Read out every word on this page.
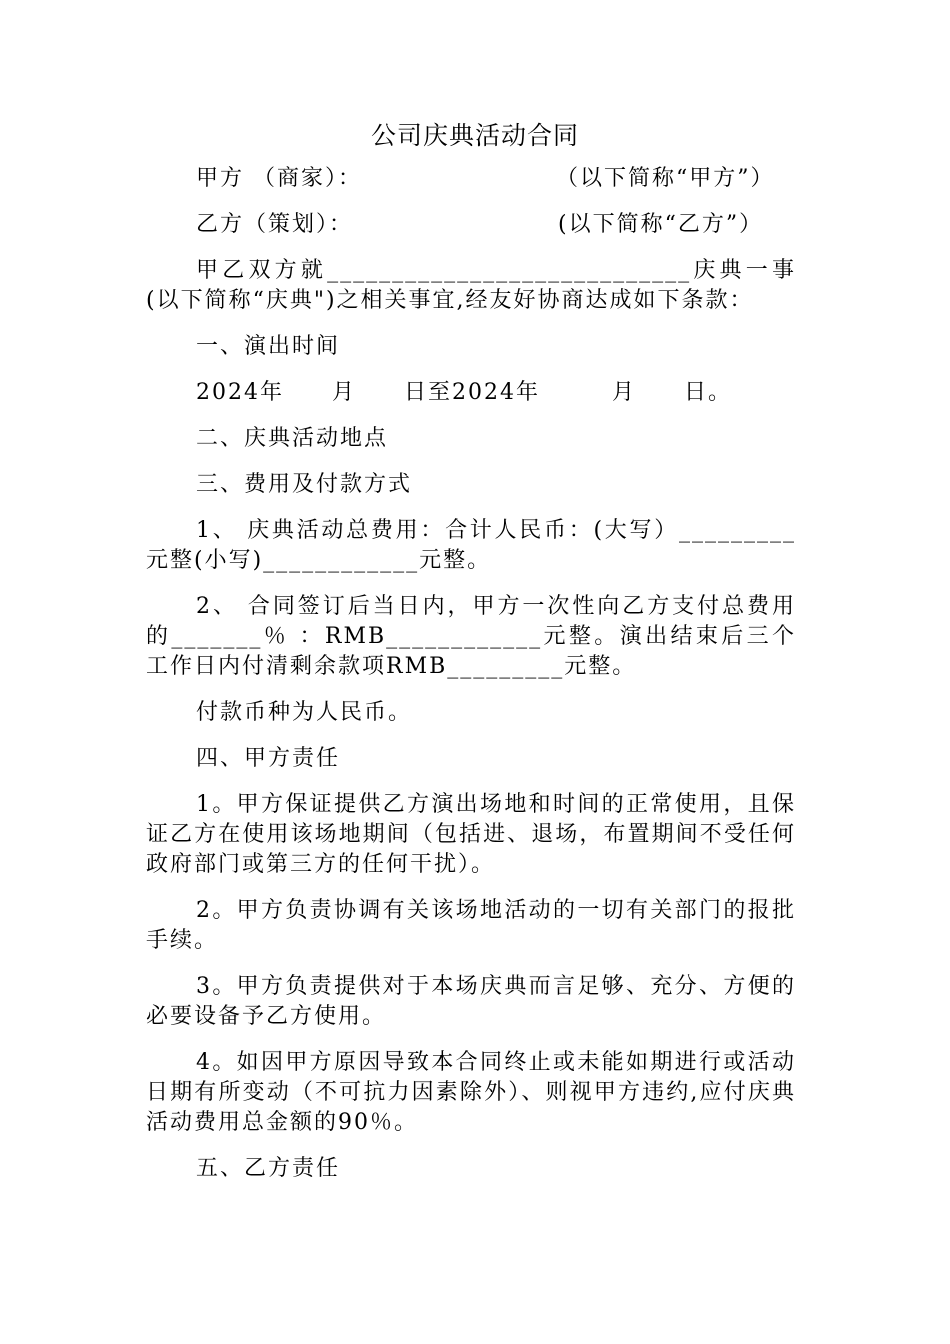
公司庆典活动合同

甲方 （商家）：　　　　　　　　　（以下简称“甲方”）

乙方（策划）：　　　　　　　　　(以下简称“乙方”）

甲乙双方就____________________________庆典一事(以下简称“庆典")之相关事宜,经友好协商达成如下条款：

一、演出时间

2024年　　月　　日至2024年　　　月　　日。

二、庆典活动地点

三、费用及付款方式

1、 庆典活动总费用：合计人民币：(大写）_________元整(小写)____________元整。

2、 合同签订后当日内，甲方一次性向乙方支付总费用的_______％ ：RMB____________元整。演出结束后三个工作日内付清剩余款项RMB_________元整。

付款币种为人民币。

四、甲方责任

1。甲方保证提供乙方演出场地和时间的正常使用，且保证乙方在使用该场地期间（包括进、退场，布置期间不受任何政府部门或第三方的任何干扰）。

2。甲方负责协调有关该场地活动的一切有关部门的报批手续。

3。甲方负责提供对于本场庆典而言足够、充分、方便的必要设备予乙方使用。

4。如因甲方原因导致本合同终止或未能如期进行或活动日期有所变动（不可抗力因素除外）、则视甲方违约,应付庆典活动费用总金额的90％。

五、乙方责任
